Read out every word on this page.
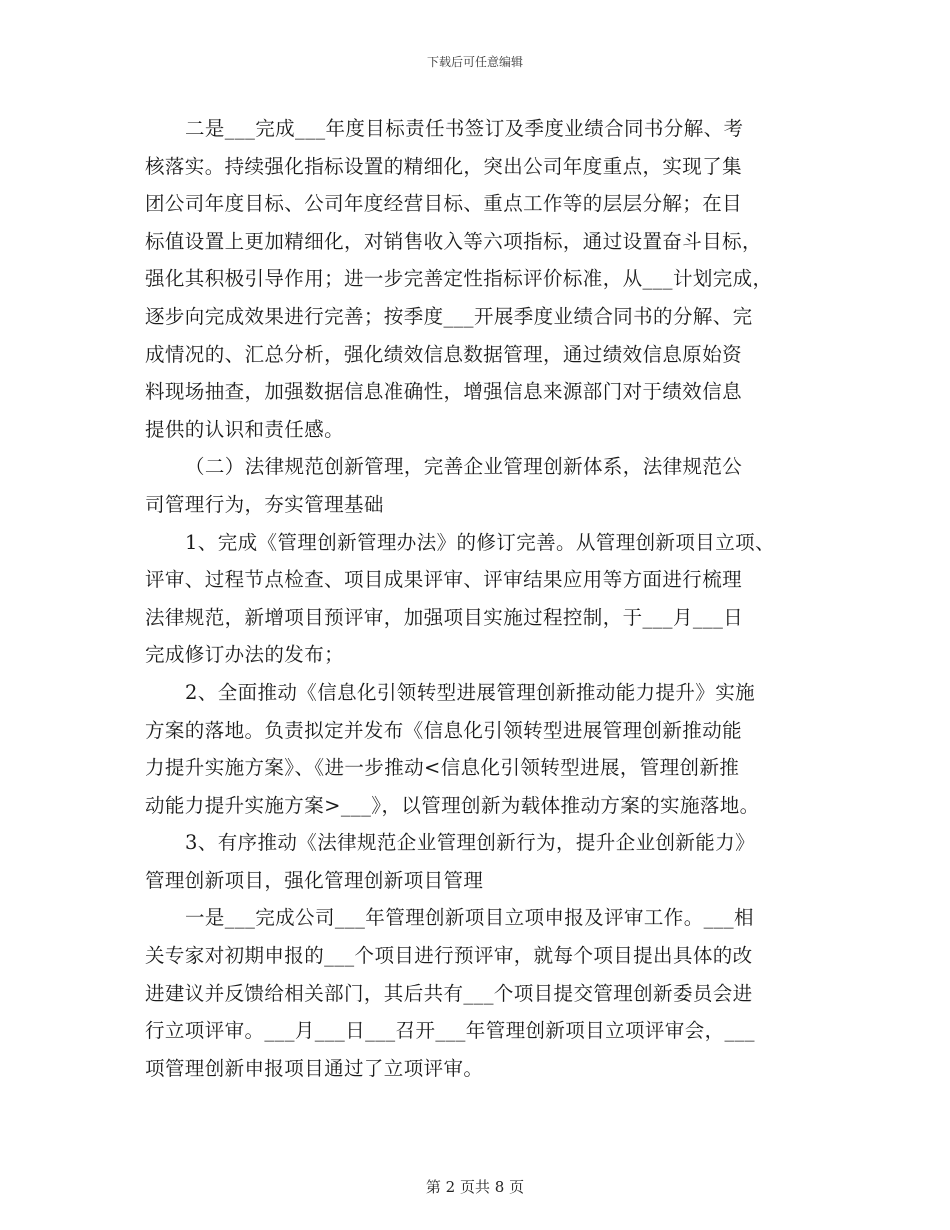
下载后可任意编辑
二是___完成___年度目标责任书签订及季度业绩合同书分解、考
核落实。持续强化指标设置的精细化，突出公司年度重点，实现了集
团公司年度目标、公司年度经营目标、重点工作等的层层分解；在目
标值设置上更加精细化，对销售收入等六项指标，通过设置奋斗目标，
强化其积极引导作用；进一步完善定性指标评价标准，从___计划完成，
逐步向完成效果进行完善；按季度___开展季度业绩合同书的分解、完
成情况的、汇总分析，强化绩效信息数据管理，通过绩效信息原始资
料现场抽查，加强数据信息准确性，增强信息来源部门对于绩效信息
提供的认识和责任感。
（二）法律规范创新管理，完善企业管理创新体系，法律规范公
司管理行为，夯实管理基础
1、完成《管理创新管理办法》的修订完善。从管理创新项目立项、
评审、过程节点检查、项目成果评审、评审结果应用等方面进行梳理
法律规范，新增项目预评审，加强项目实施过程控制，于___月___日
完成修订办法的发布；
2、全面推动《信息化引领转型进展管理创新推动能力提升》实施
方案的落地。负责拟定并发布《信息化引领转型进展管理创新推动能
力提升实施方案》、《进一步推动<信息化引领转型进展，管理创新推
动能力提升实施方案>___》，以管理创新为载体推动方案的实施落地。
3、有序推动《法律规范企业管理创新行为，提升企业创新能力》
管理创新项目，强化管理创新项目管理
一是___完成公司___年管理创新项目立项申报及评审工作。___相
关专家对初期申报的___个项目进行预评审，就每个项目提出具体的改
进建议并反馈给相关部门，其后共有___个项目提交管理创新委员会进
行立项评审。___月___日___召开___年管理创新项目立项评审会，___
项管理创新申报项目通过了立项评审。
第 2 页共 8 页
